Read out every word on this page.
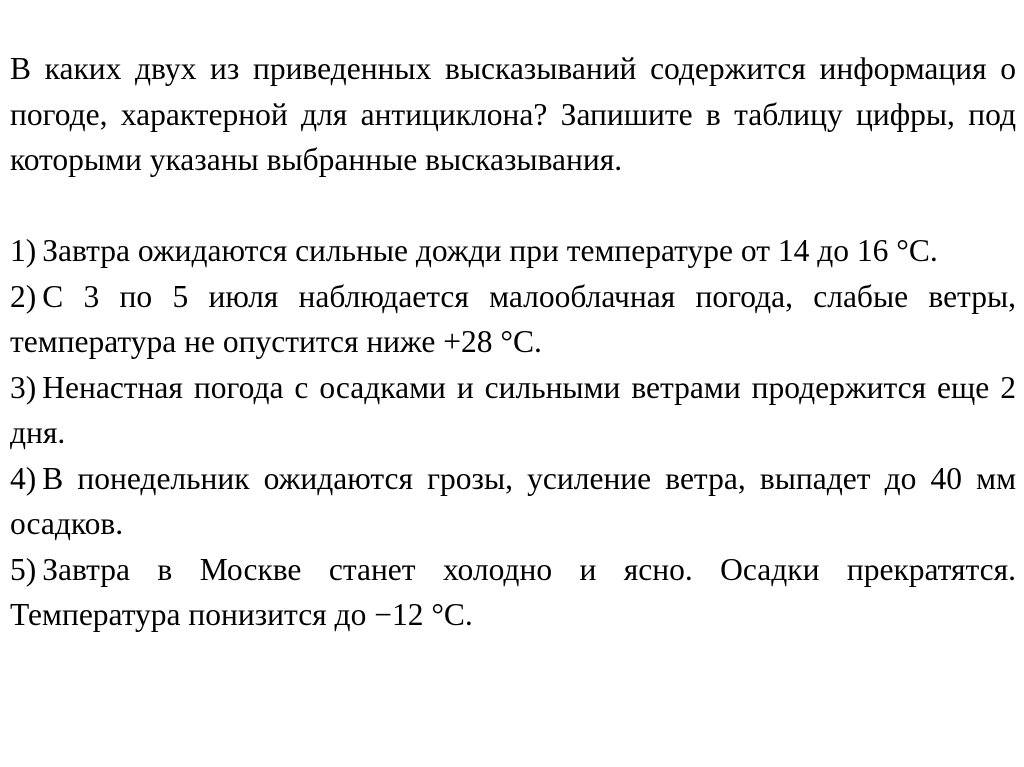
В каких двух из приведенных высказываний содержится информация о погоде, характерной для антициклона? Запишите в таблицу цифры, под которыми указаны выбранные высказывания.

1) Завтра ожидаются сильные дожди при температуре от 14 до 16 °С.
2) С 3 по 5 июля наблюдается малооблачная погода, слабые ветры, температура не опустится ниже +28 °С.
3) Ненастная погода с осадками и сильными ветрами продержится еще 2 дня.
4) В понедельник ожидаются грозы, усиление ветра, выпадет до 40 мм осадков.
5) Завтра в Москве станет холодно и ясно. Осадки прекратятся. Температура понизится до −12 °С.
